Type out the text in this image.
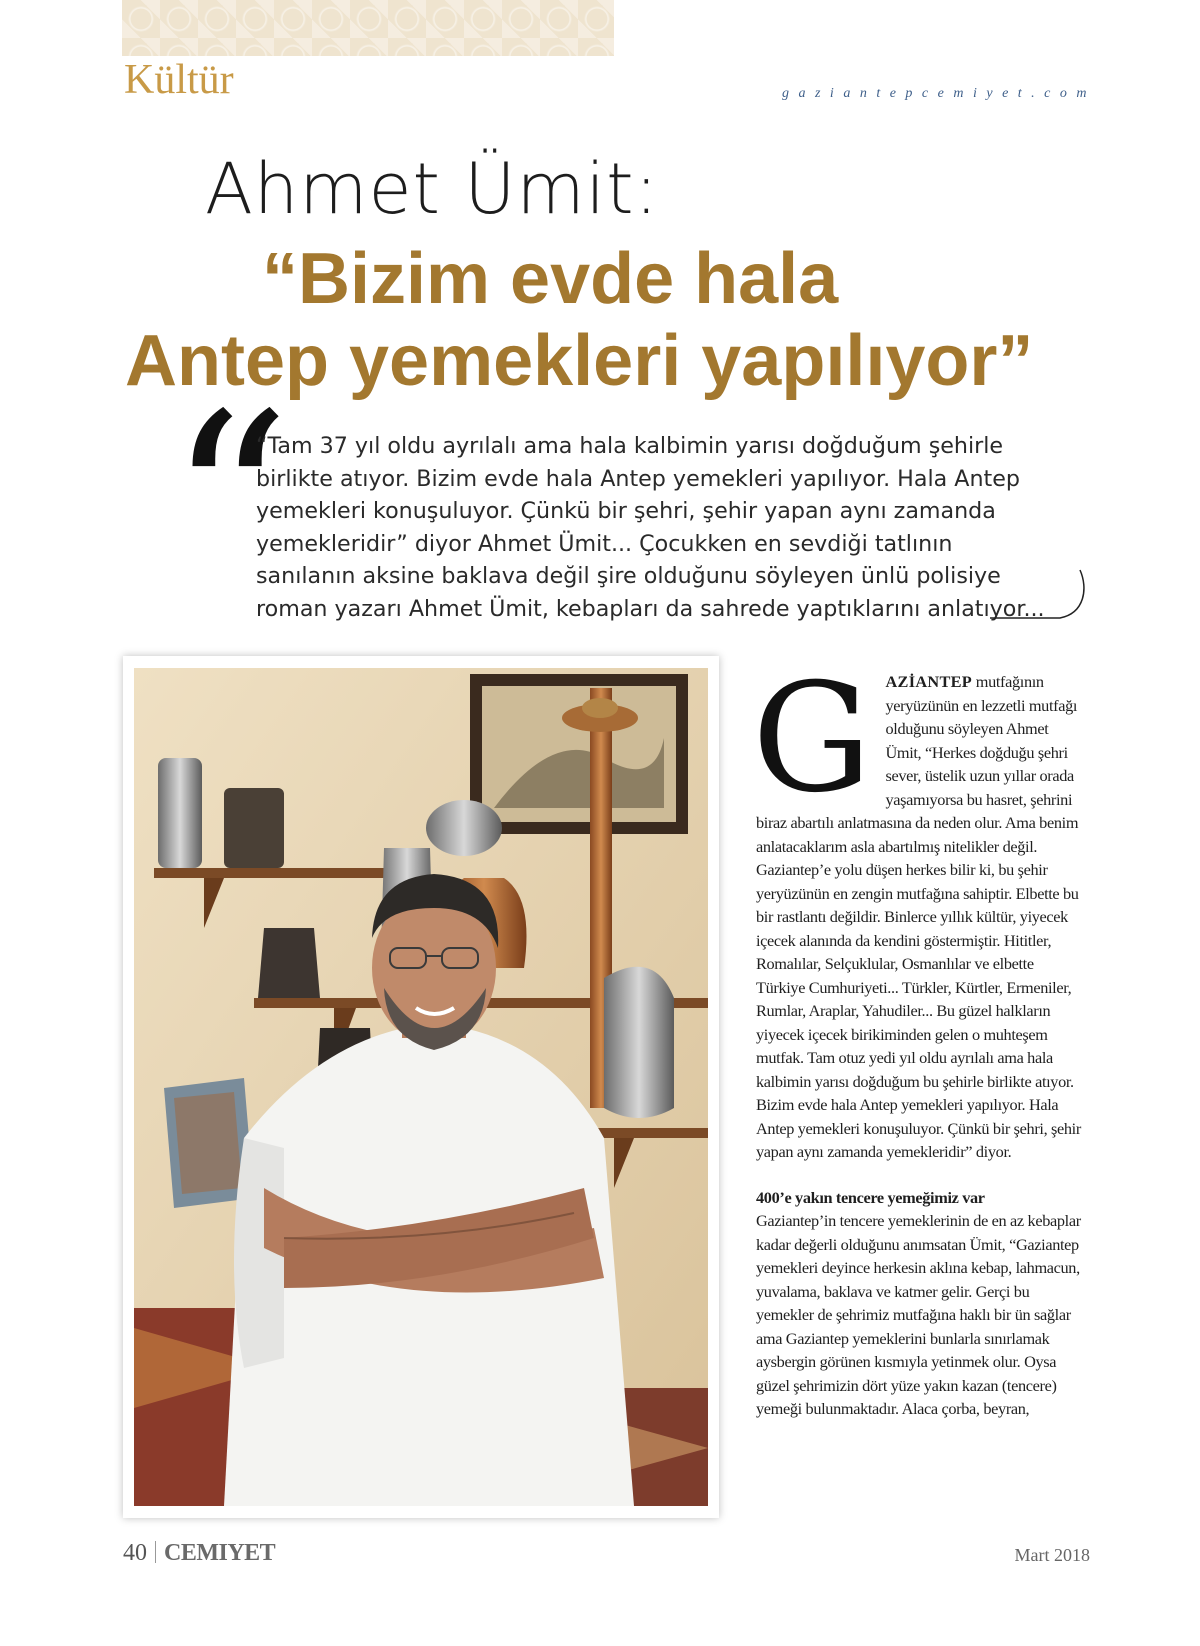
Kültür	gaziantepcemiyet.com
Ahmet Ümit:
“Bizim evde hala
Antep yemekleri yapılıyor”
“
“Tam 37 yıl oldu ayrılalı ama hala kalbimin yarısı doğduğum şehirle birlikte atıyor. Bizim evde hala Antep yemekleri yapılıyor. Hala Antep yemekleri konuşuluyor. Çünkü bir şehri, şehir yapan aynı zamanda yemekleridir” diyor Ahmet Ümit... Çocukken en sevdiği tatlının sanılanın aksine baklava değil şire olduğunu söyleyen ünlü polisiye roman yazarı Ahmet Ümit, kebapları da sahrede yaptıklarını anlatıyor...
G AZİANTEP mutfağının yeryüzünün en lezzetli mutfağı olduğunu söyleyen Ahmet Ümit, “Herkes doğduğu şehri sever, üstelik uzun yıllar orada yaşamıyorsa bu hasret, şehrini biraz abartılı anlatmasına da neden olur. Ama benim anlatacaklarım asla abartılmış nitelikler değil. Gaziantep’e yolu düşen herkes bilir ki, bu şehir yeryüzünün en zengin mutfağına sahiptir. Elbette bu bir rastlantı değildir. Binlerce yıllık kültür, yiyecek içecek alanında da kendini göstermiştir. Hititler, Romalılar, Selçuklular, Osmanlılar ve elbette Türkiye Cumhuriyeti... Türkler, Kürtler, Ermeniler, Rumlar, Araplar, Yahudiler... Bu güzel halkların yiyecek içecek birikiminden gelen o muhteşem mutfak. Tam otuz yedi yıl oldu ayrılalı ama hala kalbimin yarısı doğduğum bu şehirle birlikte atıyor. Bizim evde hala Antep yemekleri yapılıyor. Hala Antep yemekleri konuşuluyor. Çünkü bir şehri, şehir yapan aynı zamanda yemekleridir” diyor.
400’e yakın tencere yemeğimiz var
Gaziantep’in tencere yemeklerinin de en az kebaplar kadar değerli olduğunu anımsatan Ümit, “Gaziantep yemekleri deyince herkesin aklına kebap, lahmacun, yuvalama, baklava ve katmer gelir. Gerçi bu yemekler de şehrimiz mutfağına haklı bir ün sağlar ama Gaziantep yemeklerini bunlarla sınırlamak aysbergin görünen kısmıyla yetinmek olur. Oysa güzel şehrimizin dört yüze yakın kazan (tencere) yemeği bulunmaktadır. Alaca çorba, beyran,
40 CEMIYET	Mart 2018
